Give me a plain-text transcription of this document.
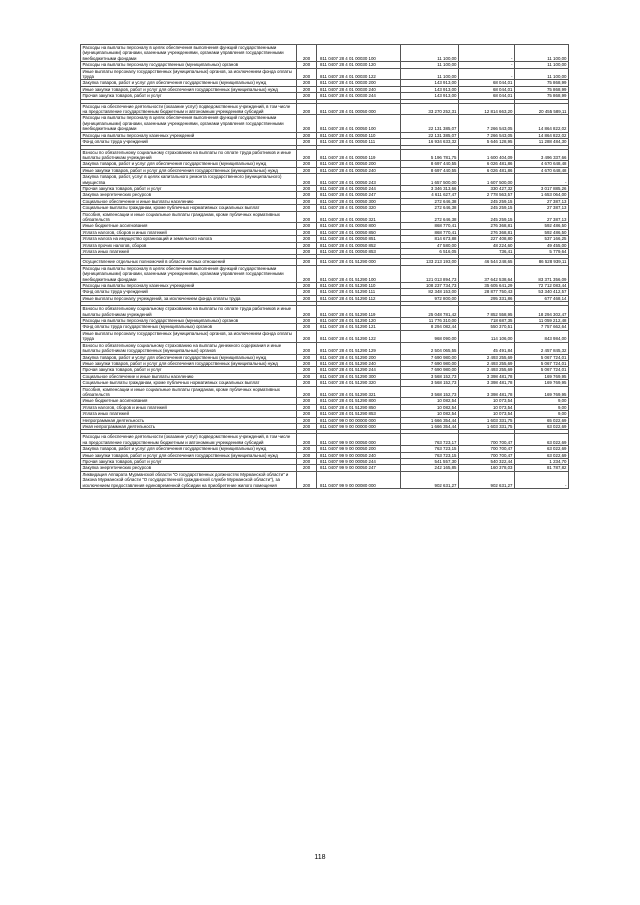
Расходы на выплаты персоналу в целях обеспечения выполнения функций государственными (муниципальными) органами, казенными учреждениями, органами управления государственными внебюджетными фондами	200	811 0407 28 4 01 00030 100	11 100,00	-	11 100,00
Расходы на выплаты персоналу государственных (муниципальных) органов	200	811 0407 28 4 01 00030 120	11 100,00	-	11 100,00
Иные выплаты персоналу государственных (муниципальных) органов, за исключением фонда оплаты труда	200	811 0407 28 4 01 00030 122	11 100,00	-	11 100,00
Закупка товаров, работ и услуг для обеспечения государственных (муниципальных) нужд	200	811 0407 28 4 01 00030 200	143 913,00	68 044,01	75 868,99
Иные закупки товаров, работ и услуг для обеспечения государственных (муниципальных) нужд	200	811 0407 28 4 01 00030 240	143 913,00	68 044,01	75 868,99
Прочая закупка товаров, работ и услуг	200	811 0407 28 4 01 00030 244	143 913,00	68 044,01	75 868,99

Расходы на обеспечение деятельности (оказание услуг) подведомственных учреждений, в том числе на предоставление государственным бюджетным и автономным учреждениям субсидий	200	811 0407 28 4 01 00050 000	33 270 252,31	12 814 663,20	20 455 589,11
Расходы на выплаты персоналу в целях обеспечения выполнения функций государственными (муниципальными) органами, казенными учреждениями, органами управления государственными внебюджетными фондами	200	811 0407 28 4 01 00050 100	22 131 385,07	7 266 543,05	14 864 822,02
Расходы на выплаты персоналу казенных учреждений	200	811 0407 28 4 01 00050 110	22 131 385,07	7 266 543,05	14 864 822,02
Фонд оплаты труда учреждений	200	811 0407 28 4 01 00050 111	16 934 633,32	5 646 128,95	11 288 484,30

Взносы по обязательному социальному страхованию на выплаты по оплате труда работников и иные выплаты работникам учреждений	200	811 0407 28 4 01 00050 119	5 196 781,75	1 600 404,09	3 496 337,66
Закупка товаров, работ и услуг для обеспечения государственных (муниципальных) нужд	200	811 0407 28 4 01 00050 200	8 697 440,55	6 026 481,86	4 670 648,48
Иные закупки товаров, работ и услуг для обеспечения государственных (муниципальных) нужд	200	811 0407 28 4 01 00050 240	8 697 440,55	6 026 481,86	4 670 648,48
Закупка товаров, работ, услуг в целях капитального ремонта государственного (муниципального) имущества	200	811 0407 28 4 01 00050 243	1 657 500,00	1 607 500,00	-
Прочая закупка товаров, работ и услуг	200	811 0407 28 4 01 00050 244	3 346 313,66	330 427,32	3 017 885,26
Закупка энергетических ресурсов	200	811 0407 28 4 01 00050 247	4 611 627,47	2 778 563,57	1 653 064,00
Социальное обеспечение и иные выплаты населению	200	811 0407 28 4 01 00050 300	272 646,38	245 259,15	27 387,13
Социальные выплаты гражданам, кроме публичных нормативных социальных выплат	200	811 0407 28 4 01 00050 320	272 646,38	245 259,15	27 387,13
Пособия, компенсации и иные социальные выплаты гражданам, кроме публичных нормативных обязательств	200	811 0407 28 4 01 00050 321	272 646,38	245 259,15	27 387,13
Иные бюджетные ассигнования	200	811 0407 28 4 01 00050 800	868 770,41	276 368,81	592 486,50
Уплата налогов, сборов и иных платежей	200	811 0407 28 4 01 00050 850	868 770,41	276 368,81	592 486,50
Уплата налога на имущество организаций и земельного налога	200	811 0407 28 4 01 00050 851	814 673,88	227 408,80	537 166,25
Уплата прочих налогов, сборов	200	811 0407 28 4 01 00050 852	47 580,00	48 224,60	49 455,00
Уплата иных платежей	200	811 0407 28 4 01 00050 853	6 516,05	736,41	5 779,64

Осуществление отдельных полномочий в области лесных отношений	200	811 0407 28 4 01 51290 000	133 213 193,00	46 544 248,65	86 528 939,11
Расходы на выплаты персоналу в целях обеспечения выполнения функций государственными (муниципальными) органами, казенными учреждениями, органами управления государственными внебюджетными фондами	200	811 0407 28 4 01 51290 100	121 013 894,73	37 642 538,64	83 371 356,09
Расходы на выплаты персоналу казенных учреждений	200	811 0407 28 4 01 51290 110	108 237 734,73	35 605 641,29	72 712 083,44
Фонд оплаты труда учреждений	200	811 0407 28 4 01 51290 111	82 348 153,00	28 877 750,43	53 340 412,57
Иные выплаты персоналу учреждений, за исключением фонда оплаты труда	200	811 0407 28 4 01 51290 112	972 800,00	295 331,86	677 468,14

Взносы по обязательному социальному страхованию на выплаты по оплате труда работников и иные выплаты работникам учреждений	200	811 0407 28 4 01 51290 119	25 048 781,42	7 852 558,95	18 294 302,47
Расходы на выплаты персоналу государственных (муниципальных) органов	200	811 0407 28 4 01 51290 120	11 776 310,00	718 687,35	11 059 212,48
Фонд оплаты труда государственных (муниципальных) органов	200	811 0407 28 4 01 51290 121	8 294 082,44	550 370,51	7 757 662,64
Иные выплаты персоналу государственных (муниципальных) органов, за исключением фонда оплаты труда	200	811 0407 28 4 01 51290 122	968 090,00	114 106,00	843 984,00
Взносы по обязательному социальному страхованию на выплаты денежного содержания и иные выплаты работникам государственных (муниципальных) органов	200	811 0407 28 4 01 51290 129	2 504 065,55	45 491,84	2 457 845,32
Закупка товаров, работ и услуг для обеспечения государственных (муниципальных) нужд	200	811 0407 28 4 01 51290 200	7 690 980,00	2 493 255,69	5 067 724,01
Иные закупки товаров, работ и услуг для обеспечения государственных (муниципальных) нужд	200	811 0407 28 4 01 51290 240	7 690 980,00	2 493 255,69	5 067 724,01
Прочая закупка товаров, работ и услуг	200	811 0407 28 4 01 51290 244	7 690 980,00	2 493 255,69	5 067 724,01
Социальное обеспечение и иные выплаты населению	200	811 0407 28 4 01 51290 300	3 568 152,73	3 398 481,78	169 769,95
Социальные выплаты гражданам, кроме публичных нормативных социальных выплат	200	811 0407 28 4 01 51290 320	3 568 152,73	3 398 481,78	169 769,95
Пособия, компенсации и иные социальные выплаты гражданам, кроме публичных нормативных обязательств	200	811 0407 28 4 01 51290 321	3 568 152,73	3 398 481,78	169 769,95
Иные бюджетные ассигнования	200	811 0407 28 4 01 51290 800	10 082,54	10 073,54	9,00
Уплата налогов, сборов и иных платежей	200	811 0407 28 4 01 51290 850	10 082,54	10 073,54	9,00
Уплата иных платежей	200	811 0407 28 4 01 51290 853	10 082,54	10 073,54	9,00
Непрограммная деятельность	200	811 0407 99 0 00 00000 000	1 666 354,44	1 603 331,75	65 022,69
Иная непрограммная деятельность	200	811 0407 99 9 00 00000 000	1 666 354,44	1 603 331,75	63 022,69

Расходы на обеспечение деятельности (оказание услуг) подведомственных учреждений, в том числе на предоставление государственным бюджетным и автономным учреждениям субсидий	200	811 0407 99 9 00 00050 000	763 723,17	700 700,47	63 022,69
Закупка товаров, работ и услуг для обеспечения государственных (муниципальных) нужд	200	811 0407 99 9 00 00050 200	763 723,15	700 700,47	63 022,69
Иные закупки товаров, работ и услуг для обеспечения государственных (муниципальных) нужд	200	811 0407 99 9 00 00050 240	763 723,15	700 700,47	63 022,69
Прочая закупка товаров, работ и услуг	200	811 0407 99 9 00 00050 244	541 557,30	540 322,44	1 234,70
Закупка энергетических ресурсов	200	811 0407 99 9 00 00050 247	242 165,85	160 378,03	81 787,82
Ликвидация Аппарата Мурманской области "О государственных должностях Мурманской области" и Закона Мурманской области "О государственной гражданской службе Мурманской области"), за исключением предоставления единовременной субсидии на приобретение жилого помещения	200	811 0407 99 9 00 00080 000	902 631,27	902 631,27	-
118
